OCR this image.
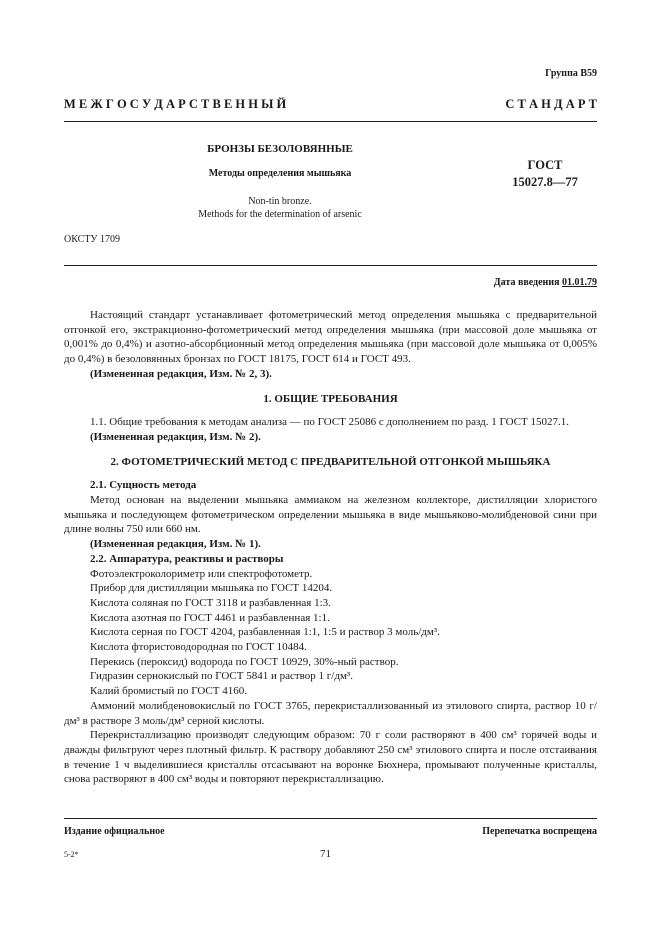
Группа B59
М Е Ж Г О С У Д А Р С Т В Е Н Н Ы Й	С Т А Н Д А Р Т
БРОНЗЫ БЕЗОЛОВЯННЫЕ
Методы определения мышьяка
Non-tin bronze.
Methods for the determination of arsenic
ГОСТ
15027.8—77
ОКСТУ 1709
Дата введения 01.01.79

Настоящий стандарт устанавливает фотометрический метод определения мышьяка с предварительной отгонкой его, экстракционно-фотометрический метод определения мышьяка (при массовой доле мышьяка от 0,001% до 0,4%) и азотно-абсорбционный метод определения мышьяка (при массовой доле мышьяка от 0,005% до 0,4%) в безоловянных бронзах по ГОСТ 18175, ГОСТ 614 и ГОСТ 493.

(Измененная редакция, Изм. № 2, 3).

1. ОБЩИЕ ТРЕБОВАНИЯ

1.1. Общие требования к методам анализа — по ГОСТ 25086 с дополнением по разд. 1 ГОСТ 15027.1.

(Измененная редакция, Изм. № 2).

2. ФОТОМЕТРИЧЕСКИЙ МЕТОД С ПРЕДВАРИТЕЛЬНОЙ ОТГОНКОЙ МЫШЬЯКА

2.1. Сущность метода

Метод основан на выделении мышьяка аммиаком на железном коллекторе, дистилляции хлористого мышьяка и последующем фотометрическом определении мышьяка в виде мышьяково-молибденовой сини при длине волны 750 или 660 нм.

(Измененная редакция, Изм. № 1).

2.2. Аппаратура, реактивы и растворы

Фотоэлектроколориметр или спектрофотометр.

Прибор для дистилляции мышьяка по ГОСТ 14204.

Кислота соляная по ГОСТ 3118 и разбавленная 1:3.

Кислота азотная по ГОСТ 4461 и разбавленная 1:1.

Кислота серная по ГОСТ 4204, разбавленная 1:1, 1:5 и раствор 3 моль/дм³.

Кислота фтористоводородная по ГОСТ 10484.

Перекись (пероксид) водорода по ГОСТ 10929, 30%-ный раствор.

Гидразин сернокислый по ГОСТ 5841 и раствор 1 г/дм³.

Калий бромистый по ГОСТ 4160.

Аммоний молибденовокислый по ГОСТ 3765, перекристаллизованный из этилового спирта, раствор 10 г/дм³ в растворе 3 моль/дм³ серной кислоты.

Перекристаллизацию производят следующим образом: 70 г соли растворяют в 400 см³ горячей воды и дважды фильтруют через плотный фильтр. К раствору добавляют 250 см³ этилового спирта и после отстаивания в течение 1 ч выделившиеся кристаллы отсасывают на воронке Бюхнера, промывают полученные кристаллы, снова растворяют в 400 см³ воды и повторяют перекристаллизацию.

Издание официальное	Перепечатка воспрещена
5-2*	71
